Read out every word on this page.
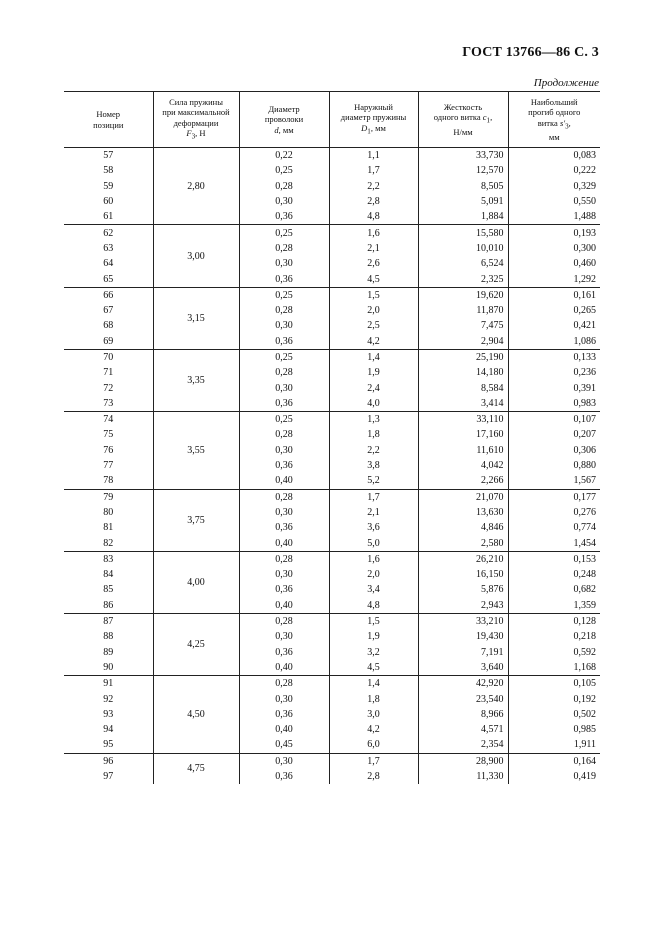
ГОСТ 13766—86 С. 3
Продолжение
Номер
позиции	Сила пружины
при максимальной
деформации
$F_3$, Н	Диаметр
проволоки
d, мм	Наружный
диаметр пружины
$D_1$, мм	Жесткость
одного витка $c_1$,
Н/мм	Наибольший
прогиб одного
витка $s'_3$,
мм
57	2,80	0,22	1,1	33,730	0,083
58		0,25	1,7	12,570	0,222
59		0,28	2,2	8,505	0,329
60		0,30	2,8	5,091	0,550
61		0,36	4,8	1,884	1,488
62	3,00	0,25	1,6	15,580	0,193
63		0,28	2,1	10,010	0,300
64		0,30	2,6	6,524	0,460
65		0,36	4,5	2,325	1,292
66	3,15	0,25	1,5	19,620	0,161
67		0,28	2,0	11,870	0,265
68		0,30	2,5	7,475	0,421
69		0,36	4,2	2,904	1,086
70	3,35	0,25	1,4	25,190	0,133
71		0,28	1,9	14,180	0,236
72		0,30	2,4	8,584	0,391
73		0,36	4,0	3,414	0,983
74	3,55	0,25	1,3	33,110	0,107
75		0,28	1,8	17,160	0,207
76		0,30	2,2	11,610	0,306
77		0,36	3,8	4,042	0,880
78		0,40	5,2	2,266	1,567
79	3,75	0,28	1,7	21,070	0,177
80		0,30	2,1	13,630	0,276
81		0,36	3,6	4,846	0,774
82		0,40	5,0	2,580	1,454
83	4,00	0,28	1,6	26,210	0,153
84		0,30	2,0	16,150	0,248
85		0,36	3,4	5,876	0,682
86		0,40	4,8	2,943	1,359
87	4,25	0,28	1,5	33,210	0,128
88		0,30	1,9	19,430	0,218
89		0,36	3,2	7,191	0,592
90		0,40	4,5	3,640	1,168
91	4,50	0,28	1,4	42,920	0,105
92		0,30	1,8	23,540	0,192
93		0,36	3,0	8,966	0,502
94		0,40	4,2	4,571	0,985
95		0,45	6,0	2,354	1,911
96	4,75	0,30	1,7	28,900	0,164
97		0,36	2,8	11,330	0,419
